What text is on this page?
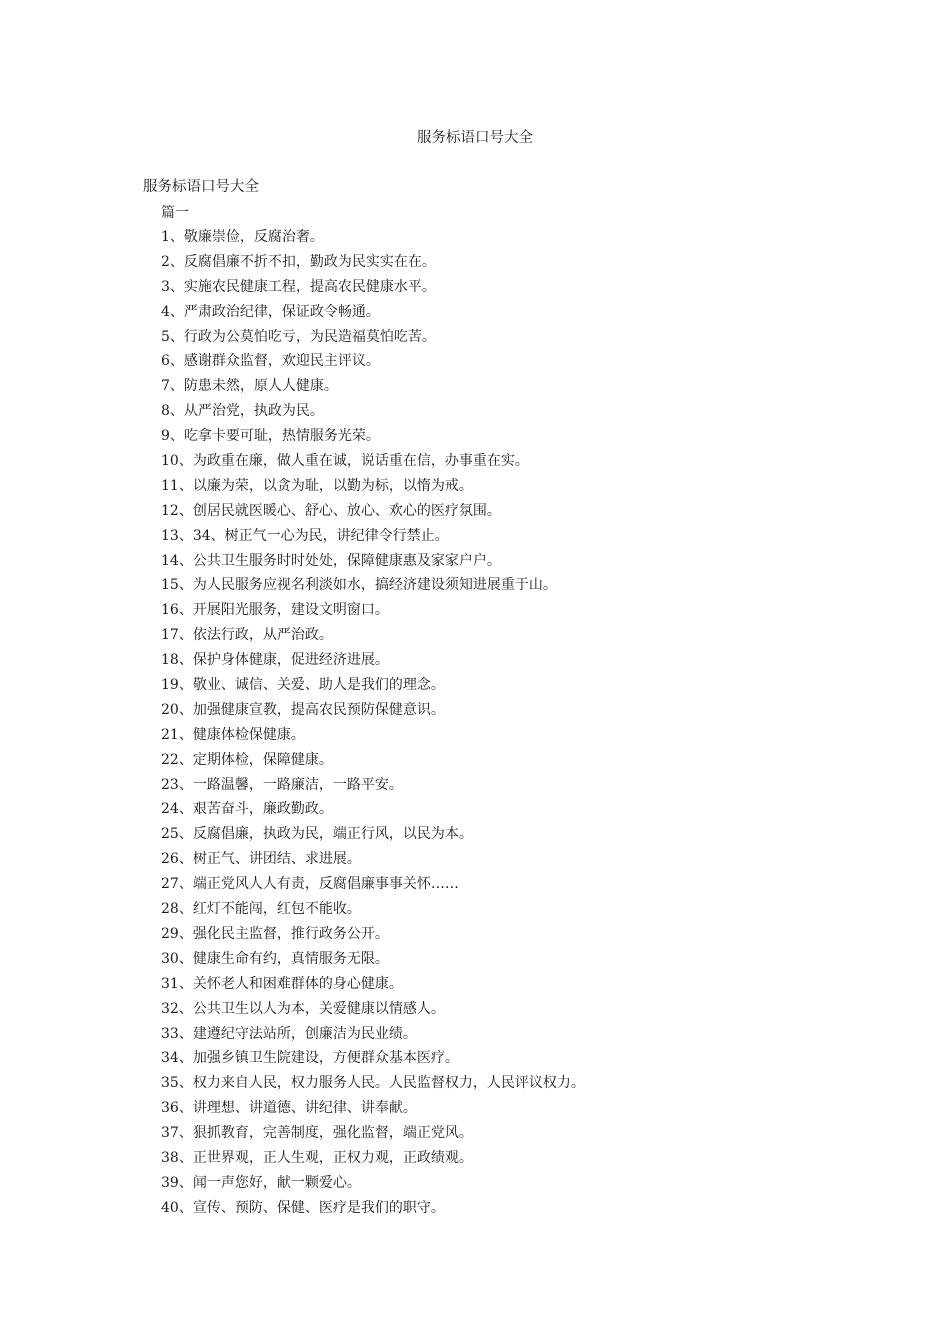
服务标语口号大全
服务标语口号大全
篇一
1、敬廉崇俭，反腐治奢。
2、反腐倡廉不折不扣，勤政为民实实在在。
3、实施农民健康工程，提高农民健康水平。
4、严肃政治纪律，保证政令畅通。
5、行政为公莫怕吃亏，为民造福莫怕吃苦。
6、感谢群众监督，欢迎民主评议。
7、防患未然，原人人健康。
8、从严治党，执政为民。
9、吃拿卡要可耻，热情服务光荣。
10、为政重在廉，做人重在诚，说话重在信，办事重在实。
11、以廉为荣，以贪为耻，以勤为标，以惰为戒。
12、创居民就医暖心、舒心、放心、欢心的医疗氛围。
13、34、树正气一心为民，讲纪律令行禁止。
14、公共卫生服务时时处处，保障健康惠及家家户户。
15、为人民服务应视名利淡如水，搞经济建设须知进展重于山。
16、开展阳光服务，建设文明窗口。
17、依法行政，从严治政。
18、保护身体健康，促进经济进展。
19、敬业、诚信、关爱、助人是我们的理念。
20、加强健康宣教，提高农民预防保健意识。
21、健康体检保健康。
22、定期体检，保障健康。
23、一路温馨，一路廉洁，一路平安。
24、艰苦奋斗，廉政勤政。
25、反腐倡廉，执政为民，端正行风，以民为本。
26、树正气、讲团结、求进展。
27、端正党风人人有责，反腐倡廉事事关怀……
28、红灯不能闯，红包不能收。
29、强化民主监督，推行政务公开。
30、健康生命有约，真情服务无限。
31、关怀老人和困难群体的身心健康。
32、公共卫生以人为本，关爱健康以情感人。
33、建遵纪守法站所，创廉洁为民业绩。
34、加强乡镇卫生院建设，方便群众基本医疗。
35、权力来自人民，权力服务人民。人民监督权力，人民评议权力。
36、讲理想、讲道德、讲纪律、讲奉献。
37、狠抓教育，完善制度，强化监督，端正党风。
38、正世界观，正人生观，正权力观，正政绩观。
39、闻一声您好，献一颗爱心。
40、宣传、预防、保健、医疗是我们的职守。
